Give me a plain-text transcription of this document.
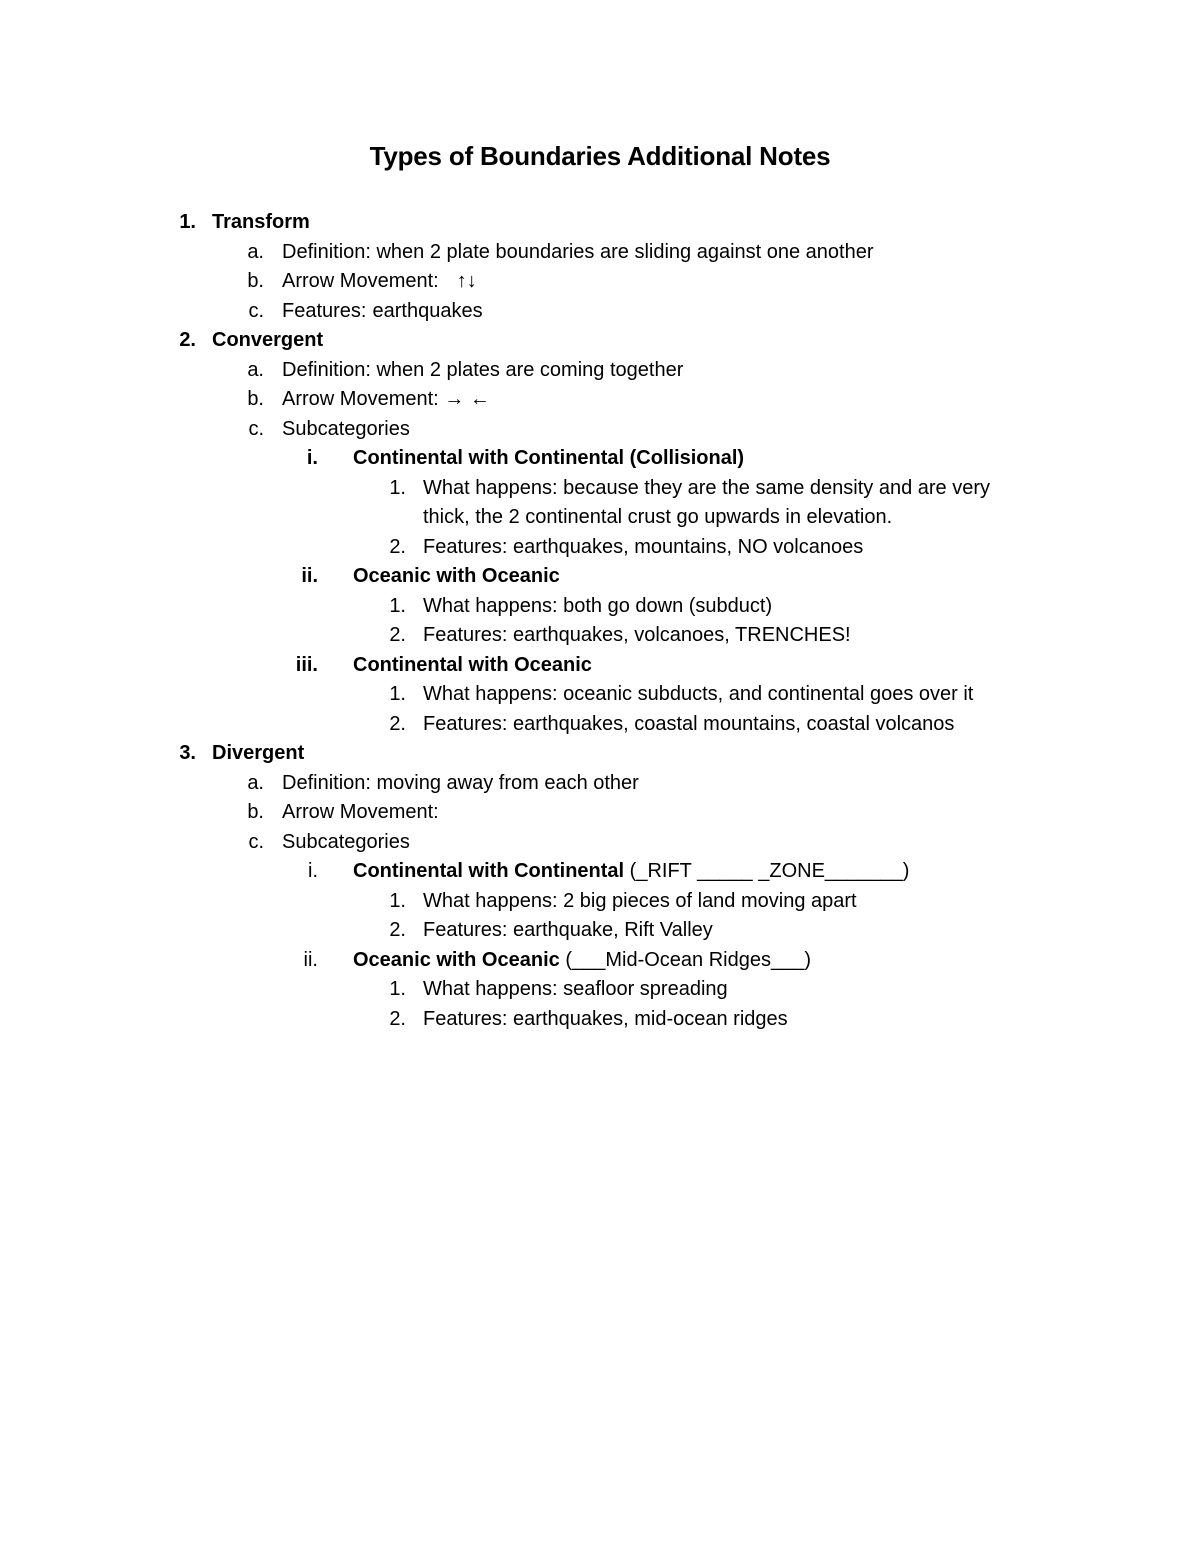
Types of Boundaries Additional Notes
1. Transform
a. Definition: when 2 plate boundaries are sliding against one another
b. Arrow Movement: ↑↓
c. Features: earthquakes
2. Convergent
a. Definition: when 2 plates are coming together
b. Arrow Movement: → ←
c. Subcategories
i. Continental with Continental (Collisional)
1. What happens: because they are the same density and are very
thick, the 2 continental crust go upwards in elevation.
2. Features: earthquakes, mountains, NO volcanoes
ii. Oceanic with Oceanic
1. What happens: both go down (subduct)
2. Features: earthquakes, volcanoes, TRENCHES!
iii. Continental with Oceanic
1. What happens: oceanic subducts, and continental goes over it
2. Features: earthquakes, coastal mountains, coastal volcanos
3. Divergent
a. Definition: moving away from each other
b. Arrow Movement:
c. Subcategories
i. Continental with Continental (_RIFT _____ _ZONE_______)
1. What happens: 2 big pieces of land moving apart
2. Features: earthquake, Rift Valley
ii. Oceanic with Oceanic (___Mid-Ocean Ridges___)
1. What happens: seafloor spreading
2. Features: earthquakes, mid-ocean ridges
